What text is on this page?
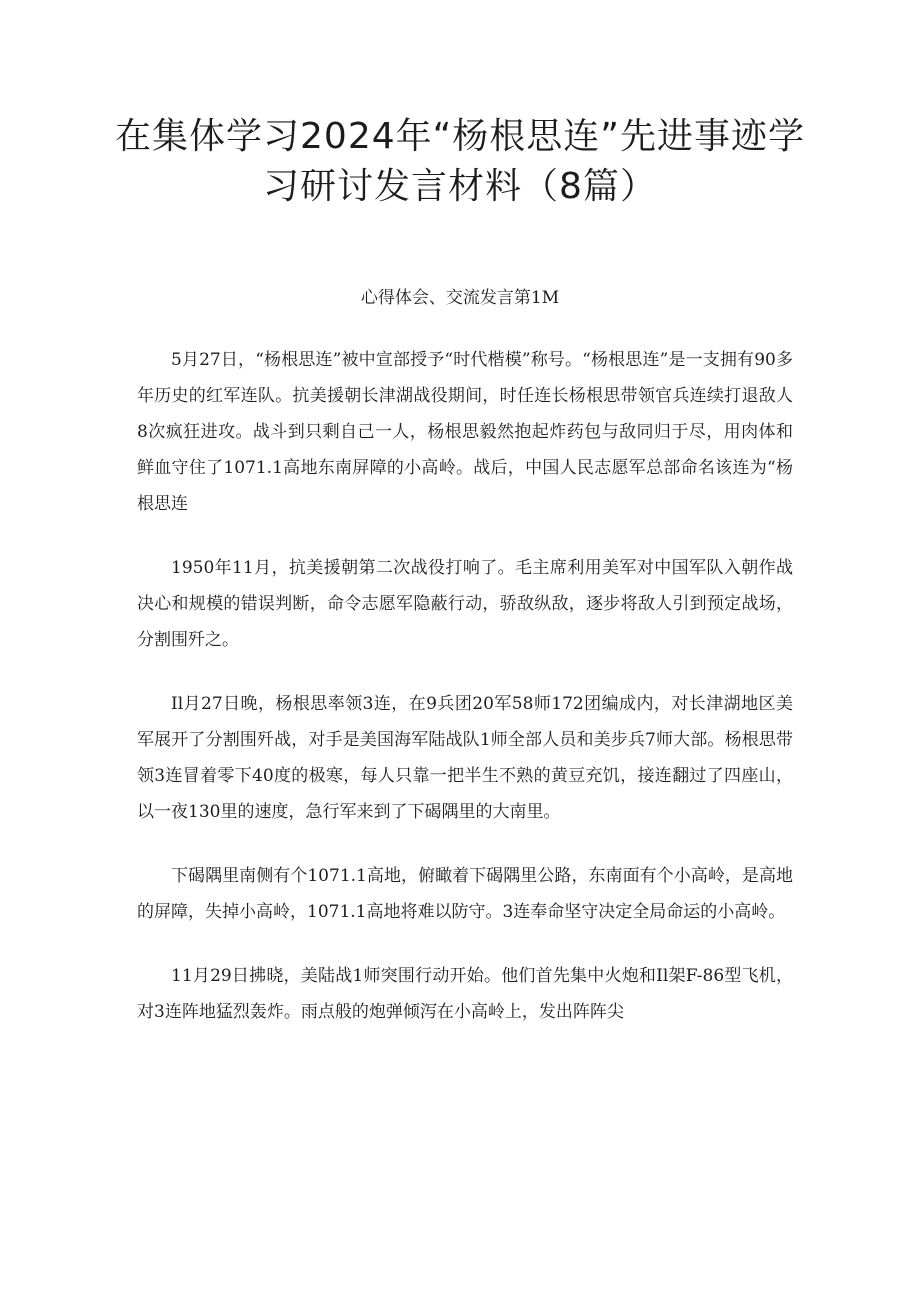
在集体学习2024年“杨根思连”先进事迹学习研讨发言材料（8篇）
心得体会、交流发言第1M

5月27日，“杨根思连”被中宣部授予“时代楷模”称号。“杨根思连”是一支拥有90多年历史的红军连队。抗美援朝长津湖战役期间，时任连长杨根思带领官兵连续打退敌人8次疯狂进攻。战斗到只剩自己一人，杨根思毅然抱起炸药包与敌同归于尽，用肉体和鲜血守住了1071.1高地东南屏障的小高岭。战后，中国人民志愿军总部命名该连为“杨根思连

1950年11月，抗美援朝第二次战役打响了。毛主席利用美军对中国军队入朝作战决心和规模的错误判断，命令志愿军隐蔽行动，骄敌纵敌，逐步将敌人引到预定战场，分割围歼之。

Il月27日晚，杨根思率领3连，在9兵团20军58师172团编成内，对长津湖地区美军展开了分割围歼战，对手是美国海军陆战队1师全部人员和美步兵7师大部。杨根思带领3连冒着零下40度的极寒，每人只靠一把半生不熟的黄豆充饥，接连翻过了四座山，以一夜130里的速度，急行军来到了下碣隅里的大南里。

下碣隅里南侧有个1071.1高地，俯瞰着下碣隅里公路，东南面有个小高岭，是高地的屏障，失掉小高岭，1071.1高地将难以防守。3连奉命坚守决定全局命运的小高岭。

11月29日拂晓，美陆战1师突围行动开始。他们首先集中火炮和Il架F-86型飞机，对3连阵地猛烈轰炸。雨点般的炮弹倾泻在小高岭上，发出阵阵尖
